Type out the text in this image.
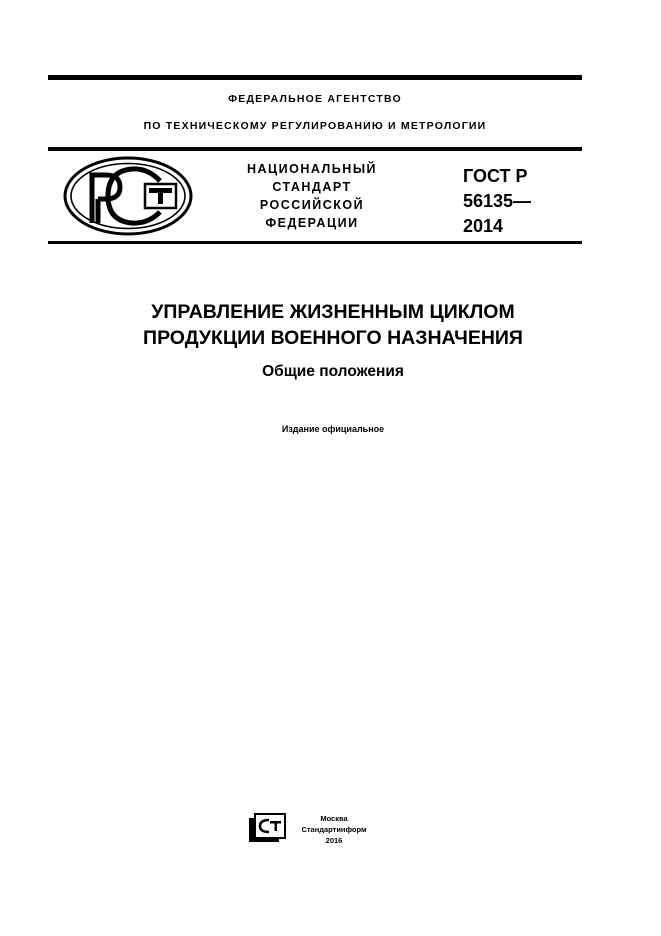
ФЕДЕРАЛЬНОЕ АГЕНТСТВО
ПО ТЕХНИЧЕСКОМУ РЕГУЛИРОВАНИЮ И МЕТРОЛОГИИ
НАЦИОНАЛЬНЫЙ
СТАНДАРТ
РОССИЙСКОЙ
ФЕДЕРАЦИИ
ГОСТ Р
56135—
2014
УПРАВЛЕНИЕ ЖИЗНЕННЫМ ЦИКЛОМ
ПРОДУКЦИИ ВОЕННОГО НАЗНАЧЕНИЯ
Общие положения
Издание официальное
Москва
Стандартинформ
2016
